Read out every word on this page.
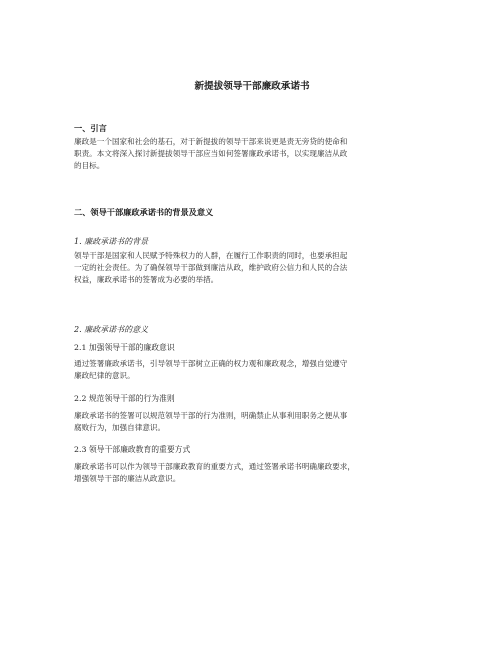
新提拔领导干部廉政承诺书
一、引言
廉政是一个国家和社会的基石，对于新提拔的领导干部来说更是责无旁贷的使命和
职责。本文将深入探讨新提拔领导干部应当如何签署廉政承诺书，以实现廉洁从政
的目标。
二、领导干部廉政承诺书的背景及意义
1. 廉政承诺书的背景
领导干部是国家和人民赋予特殊权力的人群，在履行工作职责的同时，也要承担起
一定的社会责任。为了确保领导干部做到廉洁从政，维护政府公信力和人民的合法
权益，廉政承诺书的签署成为必要的举措。
2. 廉政承诺书的意义
2.1 加强领导干部的廉政意识
通过签署廉政承诺书，引导领导干部树立正确的权力观和廉政观念，增强自觉遵守
廉政纪律的意识。
2.2 规范领导干部的行为准则
廉政承诺书的签署可以规范领导干部的行为准则，明确禁止从事利用职务之便从事
腐败行为，加强自律意识。
2.3 领导干部廉政教育的重要方式
廉政承诺书可以作为领导干部廉政教育的重要方式，通过签署承诺书明确廉政要求，
增强领导干部的廉洁从政意识。
